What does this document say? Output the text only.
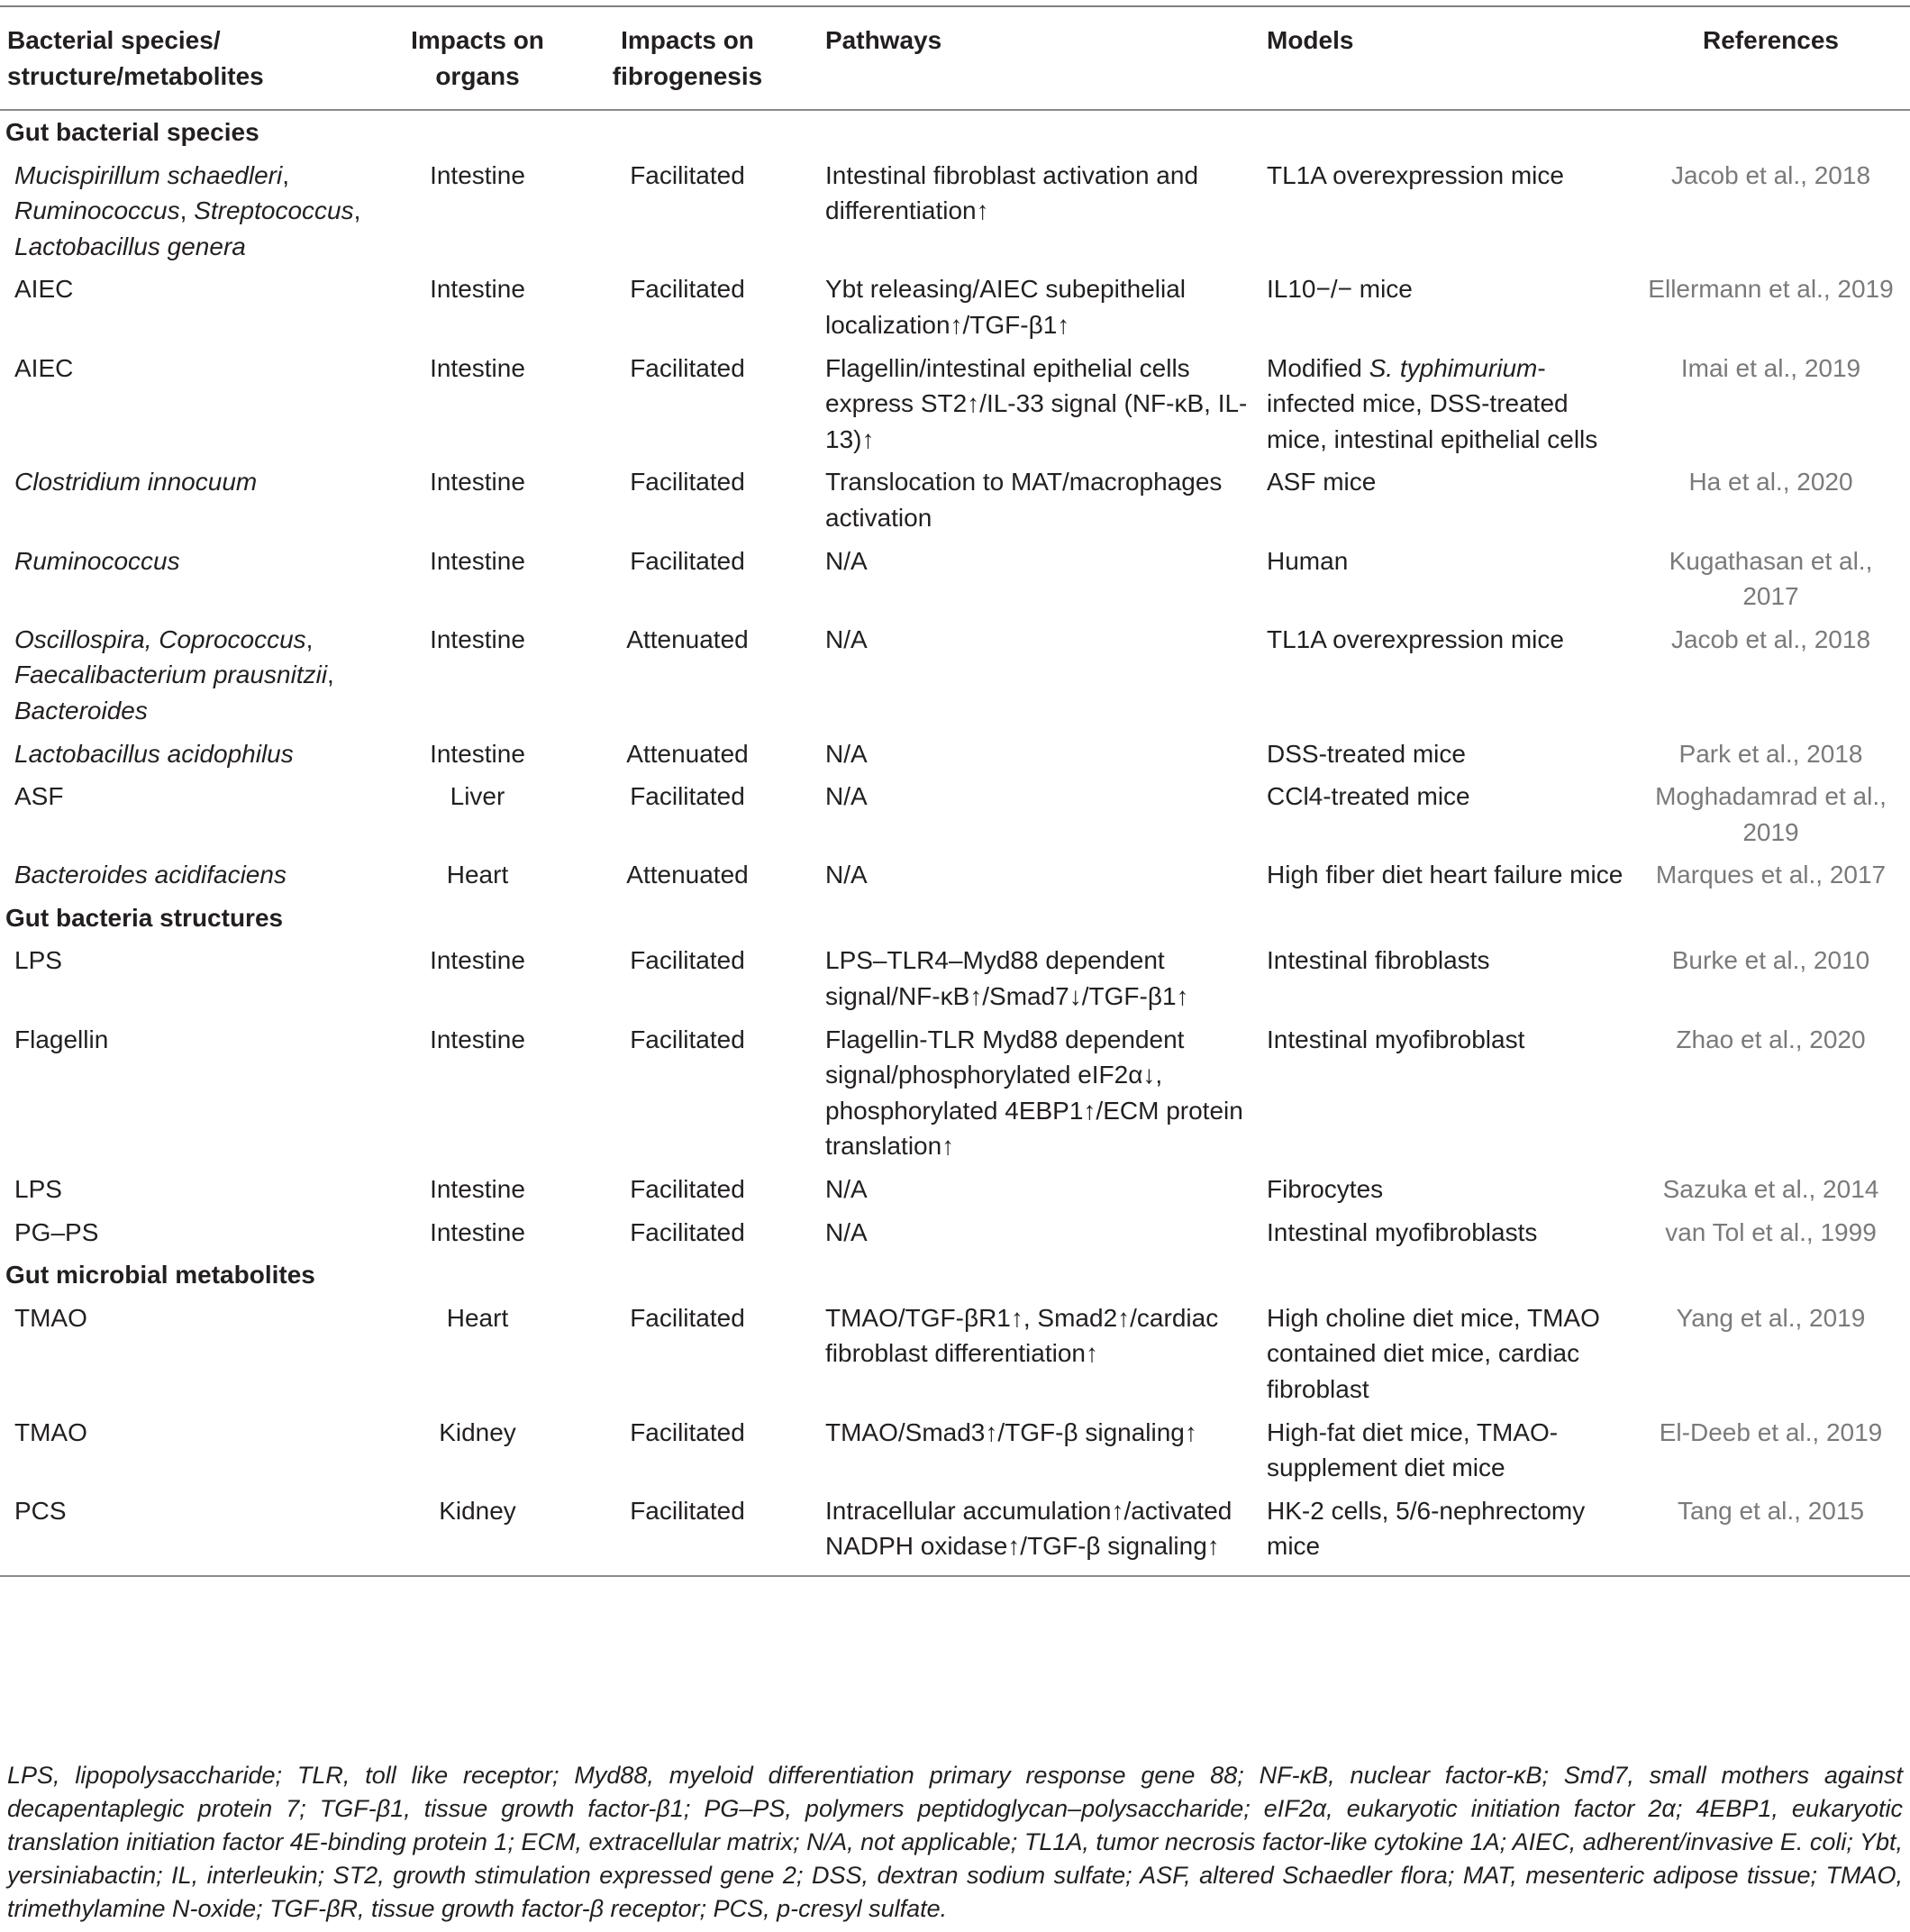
Bacterial species/ structure/metabolites	Impacts on organs	Impacts on fibrogenesis	Pathways	Models	References
Gut bacterial species					
Mucispirillum schaedleri, Ruminococcus, Streptococcus, Lactobacillus genera	Intestine	Facilitated	Intestinal fibroblast activation and differentiation↑	TL1A overexpression mice	Jacob et al., 2018
AIEC	Intestine	Facilitated	Ybt releasing/AIEC subepithelial localization↑/TGF-β1↑	IL10−/− mice	Ellermann et al., 2019
AIEC	Intestine	Facilitated	Flagellin/intestinal epithelial cells express ST2↑/IL-33 signal (NF-κB, IL-13)↑	Modified S. typhimurium-infected mice, DSS-treated mice, intestinal epithelial cells	Imai et al., 2019
Clostridium innocuum	Intestine	Facilitated	Translocation to MAT/macrophages activation	ASF mice	Ha et al., 2020
Ruminococcus	Intestine	Facilitated	N/A	Human	Kugathasan et al., 2017
Oscillospira, Coprococcus, Faecalibacterium prausnitzii, Bacteroides	Intestine	Attenuated	N/A	TL1A overexpression mice	Jacob et al., 2018
Lactobacillus acidophilus	Intestine	Attenuated	N/A	DSS-treated mice	Park et al., 2018
ASF	Liver	Facilitated	N/A	CCl4-treated mice	Moghadamrad et al., 2019
Bacteroides acidifaciens	Heart	Attenuated	N/A	High fiber diet heart failure mice	Marques et al., 2017
Gut bacteria structures					
LPS	Intestine	Facilitated	LPS–TLR4–Myd88 dependent signal/NF-κB↑/Smad7↓/TGF-β1↑	Intestinal fibroblasts	Burke et al., 2010
Flagellin	Intestine	Facilitated	Flagellin-TLR Myd88 dependent signal/phosphorylated eIF2α↓, phosphorylated 4EBP1↑/ECM protein translation↑	Intestinal myofibroblast	Zhao et al., 2020
LPS	Intestine	Facilitated	N/A	Fibrocytes	Sazuka et al., 2014
PG–PS	Intestine	Facilitated	N/A	Intestinal myofibroblasts	van Tol et al., 1999
Gut microbial metabolites					
TMAO	Heart	Facilitated	TMAO/TGF-βR1↑, Smad2↑/cardiac fibroblast differentiation↑	High choline diet mice, TMAO contained diet mice, cardiac fibroblast	Yang et al., 2019
TMAO	Kidney	Facilitated	TMAO/Smad3↑/TGF-β signaling↑	High-fat diet mice, TMAO-supplement diet mice	El-Deeb et al., 2019
PCS	Kidney	Facilitated	Intracellular accumulation↑/activated NADPH oxidase↑/TGF-β signaling↑	HK-2 cells, 5/6-nephrectomy mice	Tang et al., 2015
LPS, lipopolysaccharide; TLR, toll like receptor; Myd88, myeloid differentiation primary response gene 88; NF-κB, nuclear factor-κB; Smd7, small mothers against decapentaplegic protein 7; TGF-β1, tissue growth factor-β1; PG–PS, polymers peptidoglycan–polysaccharide; eIF2α, eukaryotic initiation factor 2α; 4EBP1, eukaryotic translation initiation factor 4E-binding protein 1; ECM, extracellular matrix; N/A, not applicable; TL1A, tumor necrosis factor-like cytokine 1A; AIEC, adherent/invasive E. coli; Ybt, yersiniabactin; IL, interleukin; ST2, growth stimulation expressed gene 2; DSS, dextran sodium sulfate; ASF, altered Schaedler flora; MAT, mesenteric adipose tissue; TMAO, trimethylamine N-oxide; TGF-βR, tissue growth factor-β receptor; PCS, p-cresyl sulfate.
